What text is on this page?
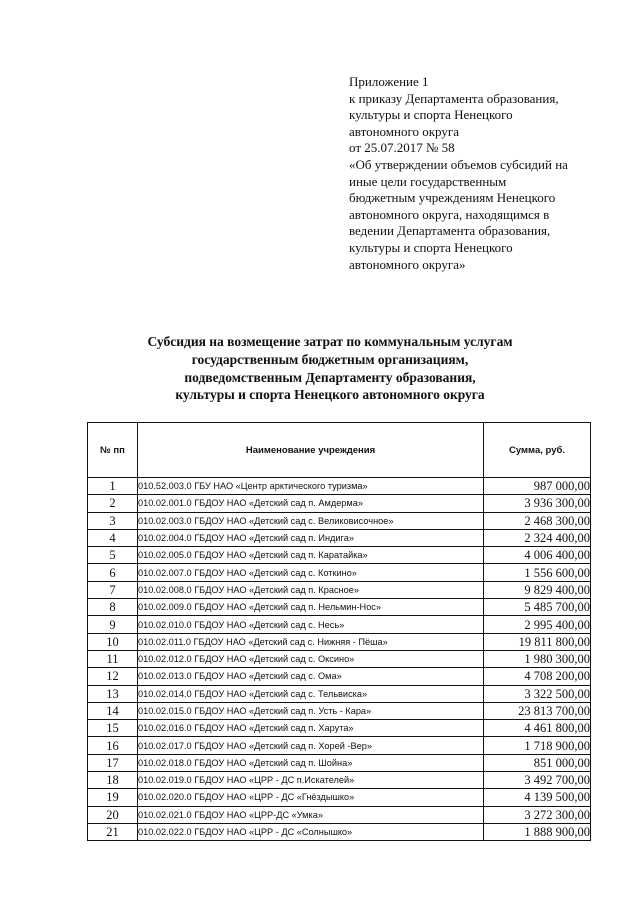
Приложение 1
к приказу Департамента образования,
культуры и спорта Ненецкого
автономного округа
от 25.07.2017 № 58
«Об утверждении объемов субсидий на
иные цели государственным
бюджетным учреждениям Ненецкого
автономного округа, находящимся в
ведении Департамента образования,
культуры и спорта Ненецкого
автономного округа»
Субсидия на возмещение затрат по коммунальным услугам
государственным бюджетным организациям,
подведомственным Департаменту образования,
культуры и спорта Ненецкого автономного округа
№ пп	Наименование учреждения	Сумма, руб.
1	010.52.003.0 ГБУ НАО «Центр арктического туризма»	987 000,00
2	010.02.001.0 ГБДОУ НАО «Детский сад п. Амдерма»	3 936 300,00
3	010.02.003.0 ГБДОУ НАО «Детский сад с. Великовисочное»	2 468 300,00
4	010.02.004.0 ГБДОУ НАО «Детский сад п. Индига»	2 324 400,00
5	010.02.005.0 ГБДОУ НАО «Детский сад п. Каратайка»	4 006 400,00
6	010.02.007.0 ГБДОУ НАО «Детский сад с. Коткино»	1 556 600,00
7	010.02.008.0 ГБДОУ НАО «Детский сад п. Красное»	9 829 400,00
8	010.02.009.0 ГБДОУ НАО «Детский сад п. Нельмин-Нос»	5 485 700,00
9	010.02.010.0 ГБДОУ НАО «Детский сад с. Несь»	2 995 400,00
10	010.02.011.0 ГБДОУ НАО «Детский сад с. Нижняя - Пёша»	19 811 800,00
11	010.02.012.0 ГБДОУ НАО «Детский сад с. Оксино»	1 980 300,00
12	010.02.013.0 ГБДОУ НАО «Детский сад с. Ома»	4 708 200,00
13	010.02.014.0 ГБДОУ НАО «Детский сад с. Тельвиска»	3 322 500,00
14	010.02.015.0 ГБДОУ НАО «Детский сад п. Усть - Кара»	23 813 700,00
15	010.02.016.0 ГБДОУ НАО «Детский сад п. Харута»	4 461 800,00
16	010.02.017.0 ГБДОУ НАО «Детский сад п. Хорей -Вер»	1 718 900,00
17	010.02.018.0 ГБДОУ НАО «Детский сад п. Шойна»	851 000,00
18	010.02.019.0 ГБДОУ НАО «ЦРР - ДС п.Искателей»	3 492 700,00
19	010.02.020.0 ГБДОУ НАО «ЦРР - ДС «Гнёздышко»	4 139 500,00
20	010.02.021.0 ГБДОУ НАО «ЦРР-ДС «Умка»	3 272 300,00
21	010.02.022.0 ГБДОУ НАО «ЦРР - ДС «Солнышко»	1 888 900,00
